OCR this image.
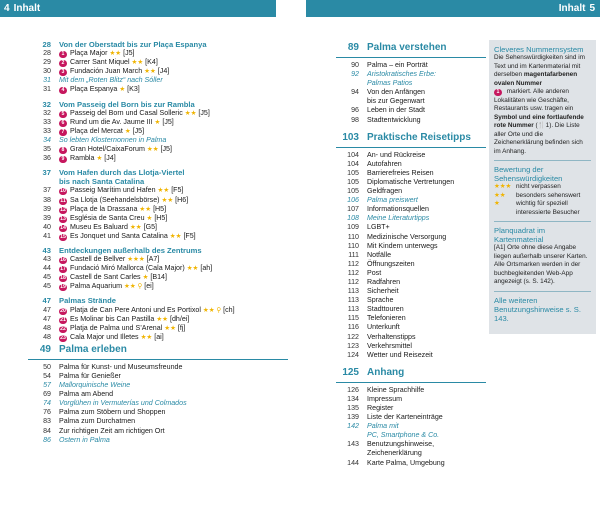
4 Inhalt	Inhalt 5
28 Von der Oberstadt bis zur Plaça Espanya
28 1 Plaça Major ★★ [J5]
29 2 Carrer Sant Miquel ★★ [K4]
30 3 Fundación Juan March ★★ [J4]
31 Mit dem „Roten Blitz“ nach Sóller
31 4 Plaça Espanya ★ [K3]
32 Vom Passeig del Born bis zur Rambla
32 5 Passeig del Born und Casal Solleric ★★ [J5]
33 6 Rund um die Av. Jaume III ★ [J5]
33 7 Plaça del Mercat ★ [J5]
34 So lebten Klosternonnen in Palma
35 8 Gran Hotel/CaixaForum ★★ [J5]
36 9 Rambla ★ [J4]
37 Vom Hafen durch das Llotja-Viertel
bis nach Santa Catalina
37 10 Passeig Marítim und Hafen ★★ [F5]
38 11 Sa Llotja (Seehandelsbörse) ★★ [H6]
39 12 Plaça de la Drassana ★★ [H5]
39 13 Església de Santa Creu ★ [H5]
40 14 Museu Es Baluard ★★ [G5]
41 15 Es Jonquet und Santa Catalina ★★ [F5]
43 Entdeckungen außerhalb des Zentrums
43 16 Castell de Bellver ★★★ [A7]
44 17 Fundació Miró Mallorca (Cala Major) ★★ [ah]
45 18 Castell de Sant Carles ★ [B14]
45 19 Palma Aquarium ★★ ⚲ [ei]
47 Palmas Strände
47 20 Platja de Can Pere Antoni und Es Portixol ★★ ⚲ [ch]
47 21 Es Molinar bis Can Pastilla ★★ [dh/ei]
48 22 Platja de Palma und S’Arenal ★★ [fj]
48 23 Cala Major und Illetes ★★ [ai]
49 Palma erleben
50 Palma für Kunst- und Museumsfreunde
54 Palma für Genießer
57 Mallorquinische Weine
69 Palma am Abend
74 Vorglühen in Vermuterías und Colmados
76 Palma zum Stöbern und Shoppen
83 Palma zum Durchatmen
84 Zur richtigen Zeit am richtigen Ort
86 Ostern in Palma
89 Palma verstehen
90 Palma – ein Porträt
92 Aristokratisches Erbe:
Palmas Patios
94 Von den Anfängen
bis zur Gegenwart
96 Leben in der Stadt
98 Stadtentwicklung
103 Praktische Reisetipps
104 An- und Rückreise
104 Autofahren
105 Barrierefreies Reisen
105 Diplomatische Vertretungen
105 Geldfragen
106 Palma preiswert
107 Informationsquellen
108 Meine Literaturtipps
109 LGBT+
110 Medizinische Versorgung
110 Mit Kindern unterwegs
111 Notfälle
112 Öffnungszeiten
112 Post
112 Radfahren
113 Sicherheit
113 Sprache
113 Stadttouren
115 Telefonieren
116 Unterkunft
122 Verhaltenstipps
123 Verkehrsmittel
124 Wetter und Reisezeit
125 Anhang
126 Kleine Sprachhilfe
134 Impressum
135 Register
139 Liste der Karteneinträge
142 Palma mit
PC, Smartphone & Co.
143 Benutzungshinweise,
Zeichenerklärung
144 Karte Palma, Umgebung
Cleveres Nummernsystem
Die Sehenswürdigkeiten sind im Text und im Kartenmaterial mit derselben magentafarbenen ovalen Nummer
1 markiert. Alle anderen Lokalitäten wie Geschäfte, Restaurants usw. tragen ein Symbol und eine fortlaufende rote Nummer (🍴1). Die Liste aller Orte und die Zeichenerklärung befinden sich im Anhang.
Bewertung der Sehenswürdigkeiten
★★★ nicht verpassen
★★ besonders sehenswert
★	wichtig für speziell
interessierte Besucher
Planquadrat im Kartenmaterial
[A1] Orte ohne diese Angabe liegen außerhalb unserer Karten. Alle Ortsmarken werden in der buchbegleitenden Web-App angezeigt (s. S. 142).
Alle weiteren Benutzungshinweise s. S. 143.
